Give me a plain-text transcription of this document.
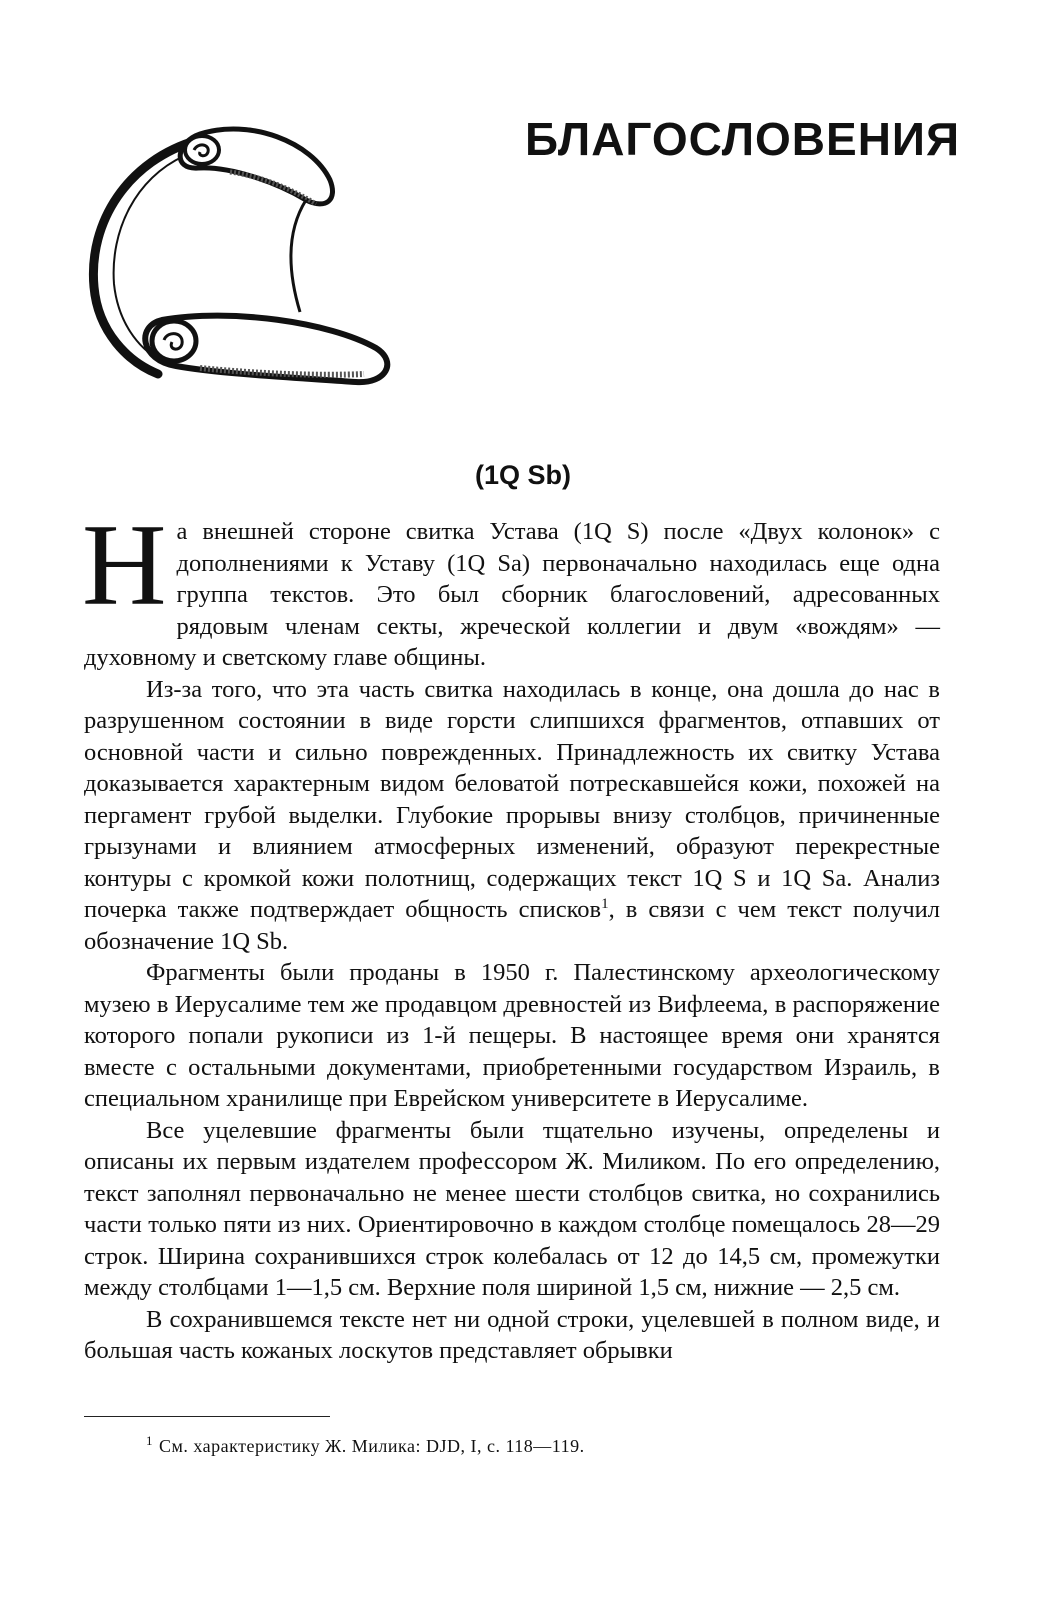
БЛАГОСЛОВЕНИЯ

(1Q Sb)

На внешней стороне свитка Устава (1Q S) после «Двух колонок» с дополнениями к Уставу (1Q Sa) первоначально находилась еще одна группа текстов. Это был сборник благословений, адресованных рядовым членам секты, жреческой коллегии и двум «вождям» — духовному и светскому главе общины.

Из-за того, что эта часть свитка находилась в конце, она дошла до нас в разрушенном состоянии в виде горсти слипшихся фрагментов, отпавших от основной части и сильно поврежденных. Принадлежность их свитку Устава доказывается характерным видом беловатой потрескавшейся кожи, похожей на пергамент грубой выделки. Глубокие прорывы внизу столбцов, причиненные грызунами и влиянием атмосферных изменений, образуют перекрестные контуры с кромкой кожи полотнищ, содержащих текст 1Q S и 1Q Sa. Анализ почерка также подтверждает общность списков$^1$, в связи с чем текст получил обозначение 1Q Sb.

Фрагменты были проданы в 1950 г. Палестинскому археологическому музею в Иерусалиме тем же продавцом древностей из Вифлеема, в распоряжение которого попали рукописи из 1-й пещеры. В настоящее время они хранятся вместе с остальными документами, приобретенными государством Израиль, в специальном хранилище при Еврейском университете в Иерусалиме.

Все уцелевшие фрагменты были тщательно изучены, определены и описаны их первым издателем профессором Ж. Миликом. По его определению, текст заполнял первоначально не менее шести столбцов свитка, но сохранились части только пяти из них. Ориентировочно в каждом столбце помещалось 28—29 строк. Ширина сохранившихся строк колебалась от 12 до 14,5 см, промежутки между столбцами 1—1,5 см. Верхние поля шириной 1,5 см, нижние — 2,5 см.

В сохранившемся тексте нет ни одной строки, уцелевшей в полном виде, и большая часть кожаных лоскутов представляет обрывки

$^1$ См. характеристику Ж. Милика: DJD, I, с. 118—119.
